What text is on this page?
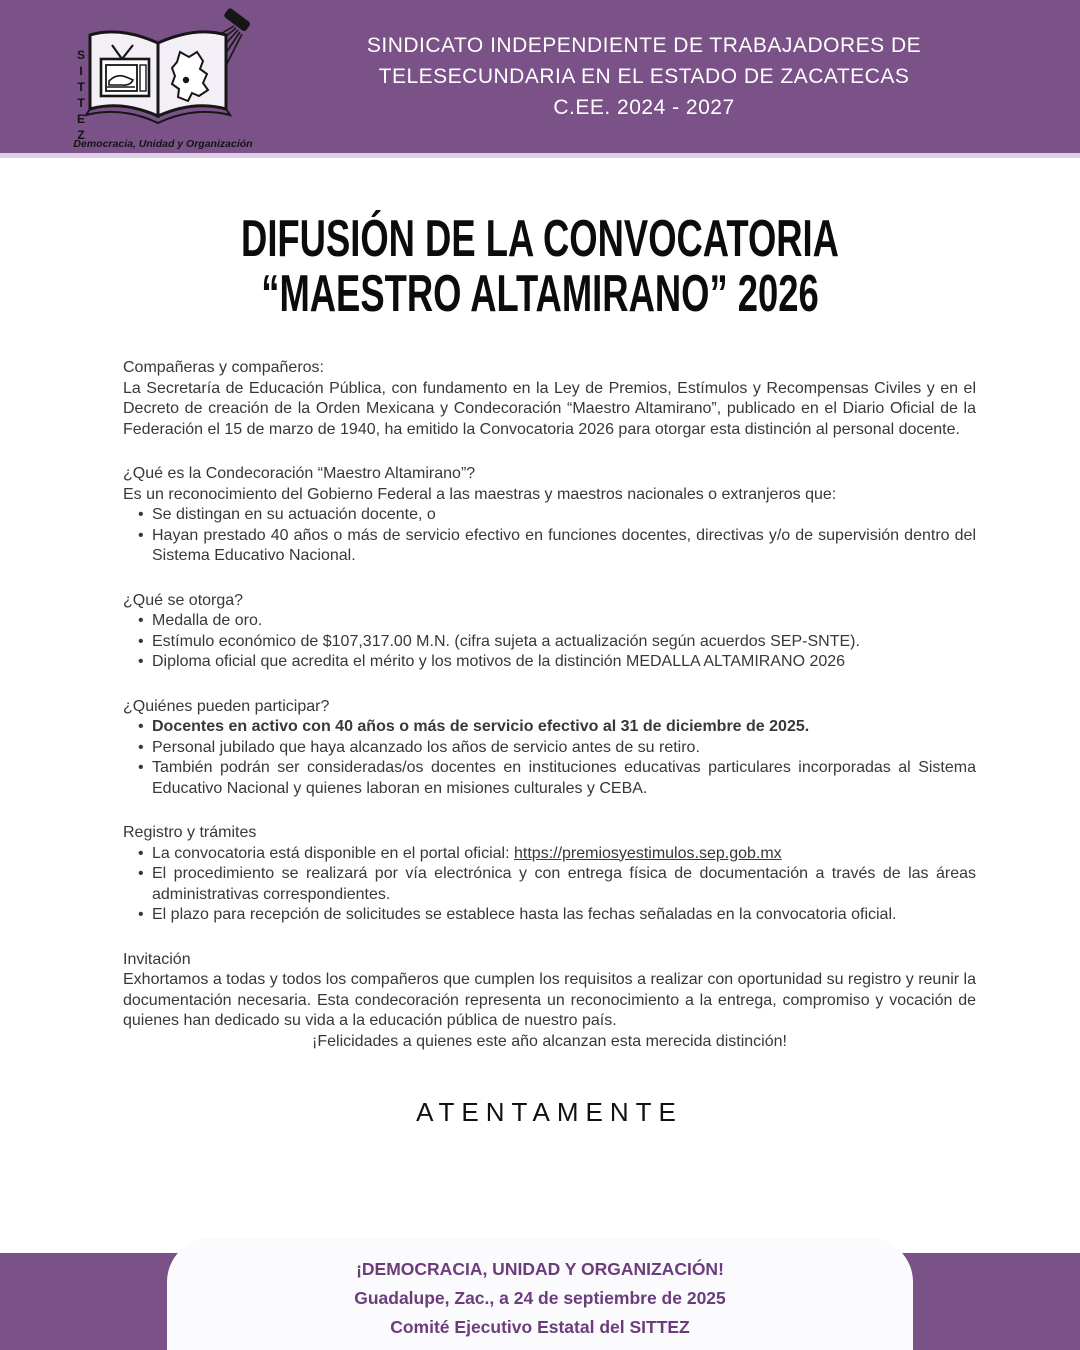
SITTEZ
Democracia, Unidad y Organización
SINDICATO INDEPENDIENTE DE TRABAJADORES DE
TELESECUNDARIA EN EL ESTADO DE ZACATECAS
C.EE. 2024 - 2027
DIFUSIÓN DE LA CONVOCATORIA
“MAESTRO ALTAMIRANO” 2026

Compañeras y compañeros:

La Secretaría de Educación Pública, con fundamento en la Ley de Premios, Estímulos y Recompensas Civiles y en el Decreto de creación de la Orden Mexicana y Condecoración “Maestro Altamirano”, publicado en el Diario Oficial de la Federación el 15 de marzo de 1940, ha emitido la Convocatoria 2026 para otorgar esta distinción al personal docente.

¿Qué es la Condecoración “Maestro Altamirano”?

Es un reconocimiento del Gobierno Federal a las maestras y maestros nacionales o extranjeros que:

• Se distingan en su actuación docente, o
• Hayan prestado 40 años o más de servicio efectivo en funciones docentes, directivas y/o de supervisión dentro del Sistema Educativo Nacional.

¿Qué se otorga?

• Medalla de oro.
• Estímulo económico de $107,317.00 M.N. (cifra sujeta a actualización según acuerdos SEP-SNTE).
• Diploma oficial que acredita el mérito y los motivos de la distinción MEDALLA ALTAMIRANO 2026

¿Quiénes pueden participar?

• Docentes en activo con 40 años o más de servicio efectivo al 31 de diciembre de 2025.
• Personal jubilado que haya alcanzado los años de servicio antes de su retiro.
• También podrán ser consideradas/os docentes en instituciones educativas particulares incorporadas al Sistema Educativo Nacional y quienes laboran en misiones culturales y CEBA.

Registro y trámites

• La convocatoria está disponible en el portal oficial: https://premiosyestimulos.sep.gob.mx
• El procedimiento se realizará por vía electrónica y con entrega física de documentación a través de las áreas administrativas correspondientes.
• El plazo para recepción de solicitudes se establece hasta las fechas señaladas en la convocatoria oficial.

Invitación

Exhortamos a todas y todos los compañeros que cumplen los requisitos a realizar con oportunidad su registro y reunir la documentación necesaria. Esta condecoración representa un reconocimiento a la entrega, compromiso y vocación de quienes han dedicado su vida a la educación pública de nuestro país.

¡Felicidades a quienes este año alcanzan esta merecida distinción!

ATENTAMENTE
¡DEMOCRACIA, UNIDAD Y ORGANIZACIÓN!
Guadalupe, Zac., a 24 de septiembre de 2025
Comité Ejecutivo Estatal del SITTEZ
